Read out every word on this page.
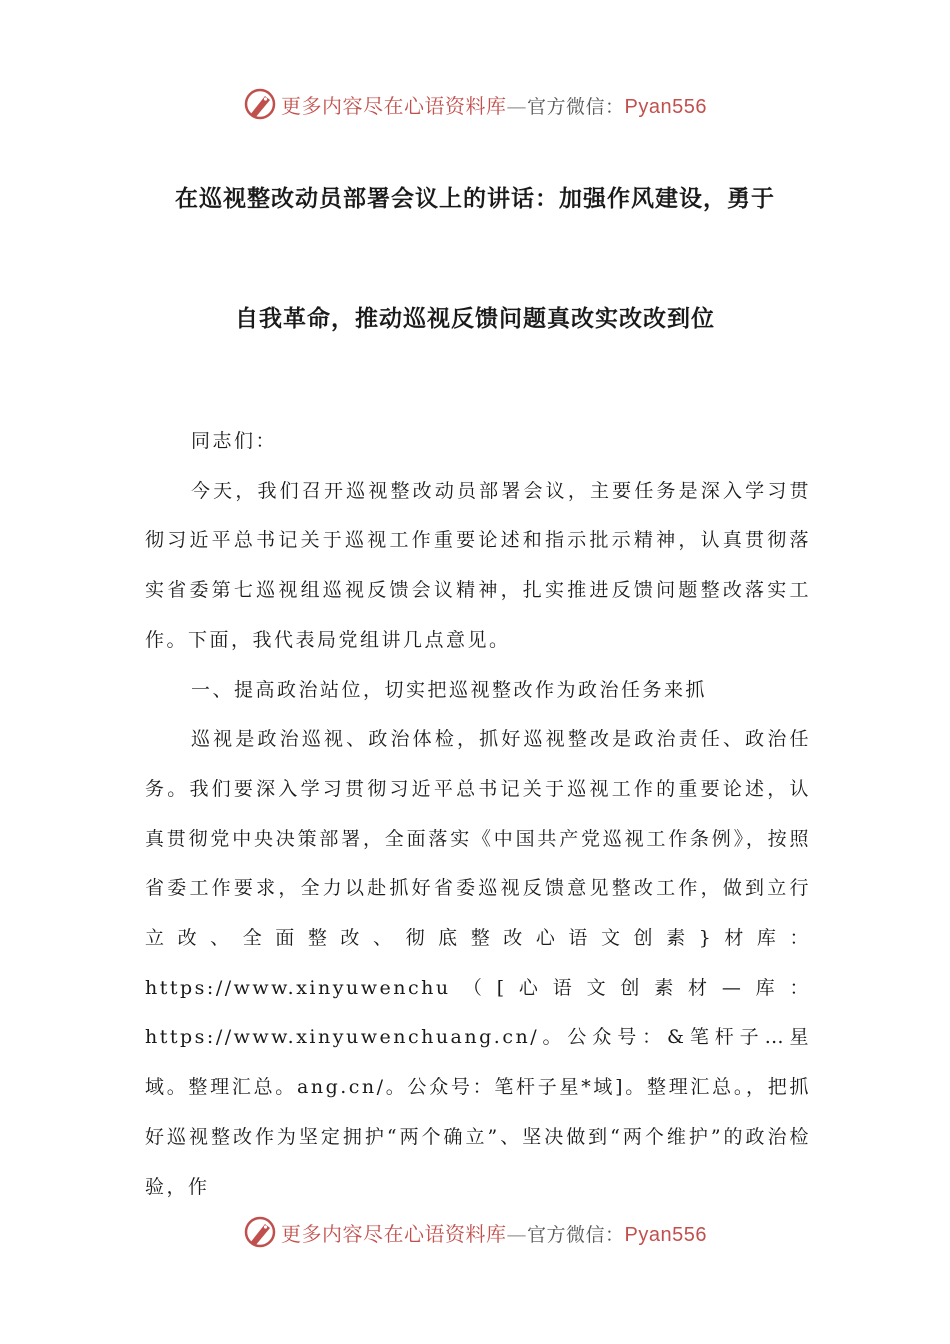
更多内容尽在心语资料库—官方微信：Pyan556
在巡视整改动员部署会议上的讲话：加强作风建设，勇于
自我革命，推动巡视反馈问题真改实改改到位

同志们：

今天，我们召开巡视整改动员部署会议，主要任务是深入学习贯彻习近平总书记关于巡视工作重要论述和指示批示精神，认真贯彻落实省委第七巡视组巡视反馈会议精神，扎实推进反馈问题整改落实工作。下面，我代表局党组讲几点意见。

一、提高政治站位，切实把巡视整改作为政治任务来抓

巡视是政治巡视、政治体检，抓好巡视整改是政治责任、政治任务。我们要深入学习贯彻习近平总书记关于巡视工作的重要论述，认真贯彻党中央决策部署，全面落实《中国共产党巡视工作条例》，按照省委工作要求，全力以赴抓好省委巡视反馈意见整改工作，做到立行立改、全面整改、彻底整改心语文创素}材库：https://www.xinyuwenchu（[心语文创素材—库：https://www.xinyuwenchuang.cn/。公众号：&笔杆子…星域。整理汇总。ang.cn/。公众号：笔杆子星*域]。整理汇总。，把抓好巡视整改作为坚定拥护“两个确立”、坚决做到“两个维护”的政治检验，作

更多内容尽在心语资料库—官方微信：Pyan556
